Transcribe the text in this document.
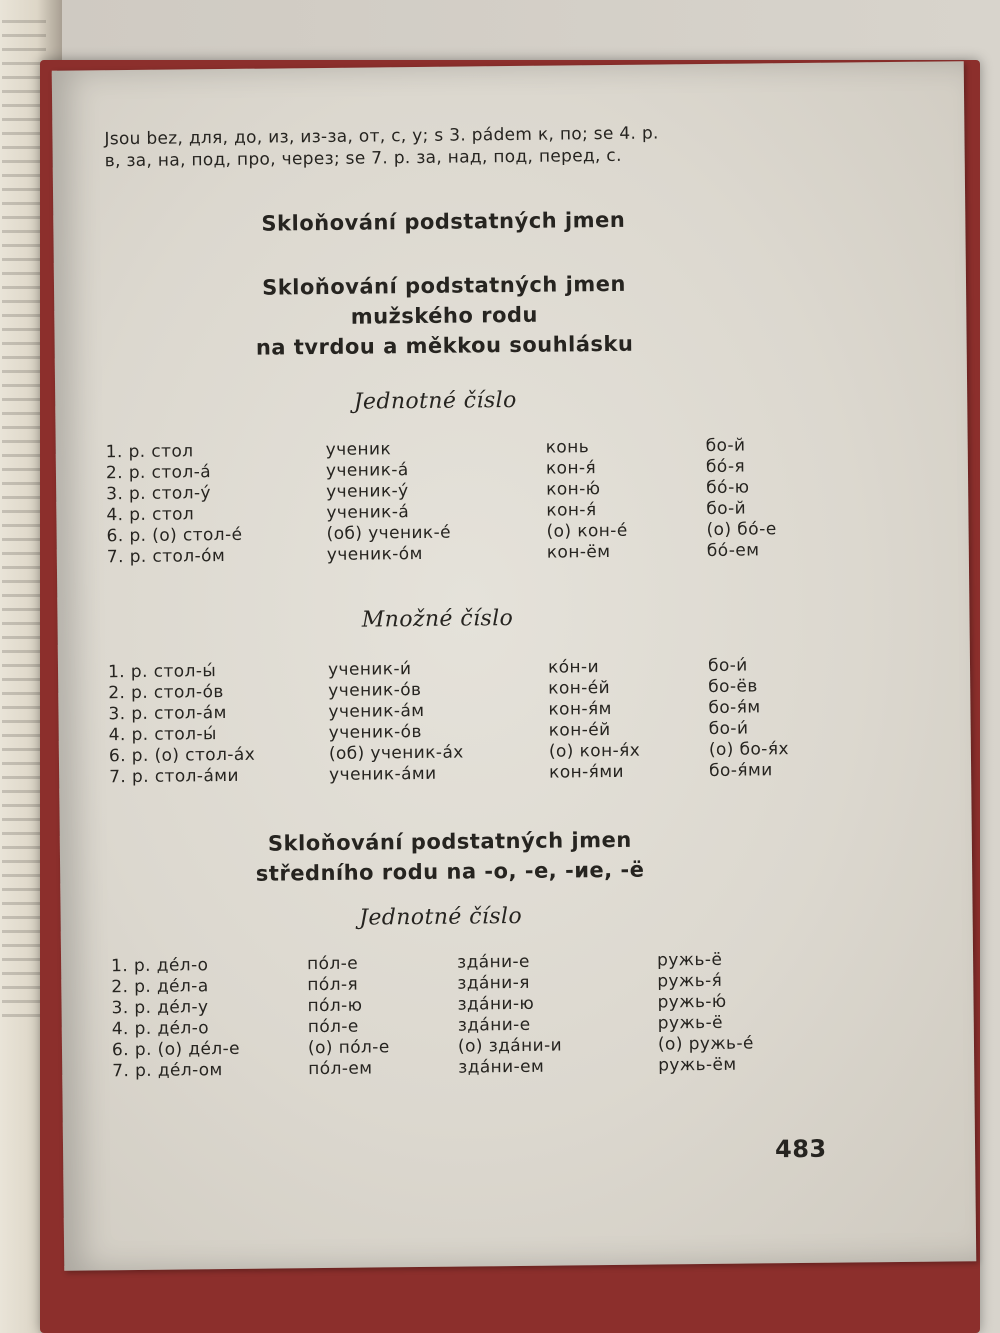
Jsou bez, для, до, из, из-за, от, с, у; s 3. pádem к, по; se 4. p.
в, за, на, под, про, через; se 7. p. за, над, под, перед, с.
Skloňování podstatných jmen
Skloňování podstatných jmen
mužského rodu
na tvrdou a měkkou souhlásku
Jednotné číslo
1. p. стол	ученик	конь	бо-й
2. p. стол-á	ученик-á	кон-я́	бó-я
3. p. стол-ý	ученик-ý	кон-ю́	бó-ю
4. p. стол	ученик-á	кон-я́	бо-й
6. p. (о) стол-é	(об) ученик-é	(о) кон-é	(о) бó-е
7. p. стол-óм	ученик-óм	кон-ём	бó-ем
Množné číslo
1. p. стол-ы́	ученик-и́	кóн-и	бо-и́
2. p. стол-óв	ученик-óв	кон-éй	бо-ёв
3. p. стол-áм	ученик-áм	кон-я́м	бо-я́м
4. p. стол-ы́	ученик-óв	кон-éй	бо-и́
6. p. (о) стол-áх	(об) ученик-áх	(о) кон-я́х	(о) бо-я́х
7. p. стол-áми	ученик-áми	кон-я́ми	бо-я́ми
Skloňování podstatných jmen
středního rodu na -о, -е, -ие, -ё
Jednotné číslo
1. p. дéл-о	пóл-е	здáни-е	ружь-ё
2. p. дéл-а	пóл-я	здáни-я	ружь-я́
3. p. дéл-у	пóл-ю	здáни-ю	ружь-ю́
4. p. дéл-о	пóл-е	здáни-е	ружь-ё
6. p. (о) дéл-е	(о) пóл-е	(о) здáни-и	(о) ружь-é
7. p. дéл-ом	пóл-ем	здáни-ем	ружь-ём
483
